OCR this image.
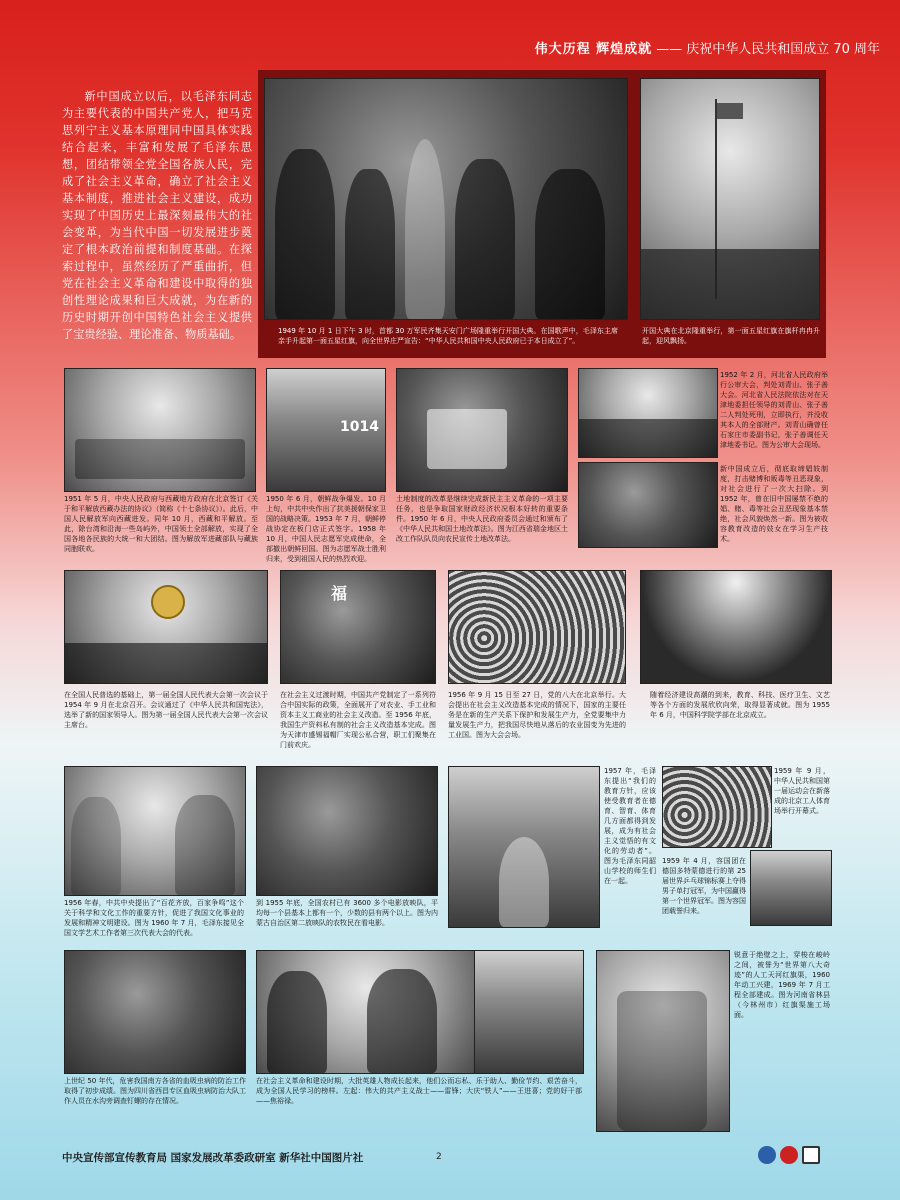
伟大历程 辉煌成就 —— 庆祝中华人民共和国成立 70 周年
新中国成立以后，以毛泽东同志为主要代表的中国共产党人，把马克思列宁主义基本原理同中国具体实践结合起来，丰富和发展了毛泽东思想，团结带领全党全国各族人民，完成了社会主义革命，确立了社会主义基本制度，推进社会主义建设，成功实现了中国历史上最深刻最伟大的社会变革，为当代中国一切发展进步奠定了根本政治前提和制度基础。在探索过程中，虽然经历了严重曲折，但党在社会主义革命和建设中取得的独创性理论成果和巨大成就，为在新的历史时期开创中国特色社会主义提供了宝贵经验、理论准备、物质基础。	1949 年 10 月 1 日下午 3 时，首都 30 万军民齐集天安门广场隆重举行开国大典。在国歌声中，毛泽东主席亲手升起第一面五星红旗，向全世界庄严宣告：“中华人民共和国中央人民政府已于本日成立了”。
开国大典在北京隆重举行，第一面五星红旗在旗杆冉冉升起，迎风飘扬。
1951 年 5 月，中央人民政府与西藏地方政府在北京签订《关于和平解放西藏办法的协议》（简称《十七条协议》）。此后，中国人民解放军向西藏进发。同年 10 月，西藏和平解放。至此，除台湾和沿海一些岛屿外，中国领土全部解放，实现了全国各地各民族的大统一和大团结。图为解放军进藏部队与藏族同胞联欢。
1014
1950 年 6 月，朝鲜战争爆发。10 月上旬，中共中央作出了抗美援朝保家卫国的战略决策。1953 年 7 月，朝鲜停战协定在板门店正式签字。1958 年 10 月，中国人民志愿军完成使命，全部撤出朝鲜回国。图为志愿军战士胜利归来，受到祖国人民的热烈欢迎。
土地制度的改革是继续完成新民主主义革命的一项主要任务，也是争取国家财政经济状况根本好转的重要条件。1950 年 6 月，中央人民政府委员会通过和颁布了《中华人民共和国土地改革法》。图为江西省瑞金地区土改工作队队员向农民宣传土地改革法。
1952 年 2 月，河北省人民政府举行公审大会，判处刘青山、张子善大会。河北省人民法院依法对在天津地委担任领导的刘青山、张子善二人判处死刑，立即执行，并没收其本人的全部财产。刘青山确曾任石家庄市委副书记，张子善调任天津地委书记。图为公审大会现场。
新中国成立后，彻底取缔娼妓制度，打击赌博和贩毒等丑恶现象，对社会进行了一次大扫除。到 1952 年，曾在旧中国屡禁不绝的娼、赌、毒等社会丑恶现象基本禁绝，社会风貌焕然一新。图为被收容教育改造的妓女在学习生产技术。
在全国人民普选的基础上，第一届全国人民代表大会第一次会议于 1954 年 9 月在北京召开。会议通过了《中华人民共和国宪法》，选举了新的国家领导人。图为第一届全国人民代表大会第一次会议主席台。
福
在社会主义过渡时期，中国共产党制定了一系列符合中国实际的政策，全面展开了对农业、手工业和资本主义工商业的社会主义改造。至 1956 年底，我国生产资料私有制的社会主义改造基本完成。图为天津市盛锡福帽厂实现公私合营，职工们聚集在门前欢庆。
1956 年 9 月 15 日至 27 日，党的八大在北京举行。大会提出在社会主义改造基本完成的情况下，国家的主要任务是在新的生产关系下保护和发展生产力，全党要集中力量发展生产力，把我国尽快地从落后的农业国变为先进的工业国。图为大会会场。
随着经济建设高潮的到来，教育、科技、医疗卫生、文艺等各个方面的发展欣欣向荣，取得显著成就。图为 1955 年 6 月，中国科学院学部在北京成立。
1956 年春，中共中央提出了“百花齐放，百家争鸣”这个关于科学和文化工作的重要方针，促进了我国文化事业的发展和精神文明建设。图为 1960 年 7 月，毛泽东接见全国文学艺术工作者第三次代表大会的代表。
到 1955 年底，全国农村已有 3600 多个电影放映队，平均每一个县基本上都有一个，少数的县有两个以上。图为内蒙古自治区第二放映队的农牧民在看电影。
1957 年，毛泽东提出“我们的教育方针，应该使受教育者在德育、智育、体育几方面都得到发展，成为有社会主义觉悟的有文化的劳动者”。图为毛泽东同韶山学校的师生们在一起。
1959 年 9 月，中华人民共和国第一届运动会在新落成的北京工人体育场举行开幕式。
1959 年 4 月，容国团在德国多特蒙德进行的第 25 届世界乒乓球锦标赛上夺得男子单打冠军，为中国赢得第一个世界冠军。图为容国团载誉归来。
上世纪 50 年代，危害我国南方各省的血吸虫病的防治工作取得了初步成绩。图为四川省西昌专区血吸虫病防治大队工作人员在水沟旁调查钉螺的存在情况。
在社会主义革命和建设时期，大批英雄人物成长起来，他们公而忘私、乐于助人、勤俭节约、艰苦奋斗，成为全国人民学习的榜样。左起：伟大的共产主义战士——雷锋；大庆“铁人”——王进喜；党的好干部——焦裕禄。
锐意于绝壁之上，穿梭在峻岭之间，被誉为“世界第八大奇迹”的人工天河红旗渠，1960 年动工兴建，1969 年 7 月工程全部建成。图为河南省林县（今林州市）红旗渠施工场面。
中央宣传部宣传教育局 国家发展改革委政研室 新华社中国图片社	2
